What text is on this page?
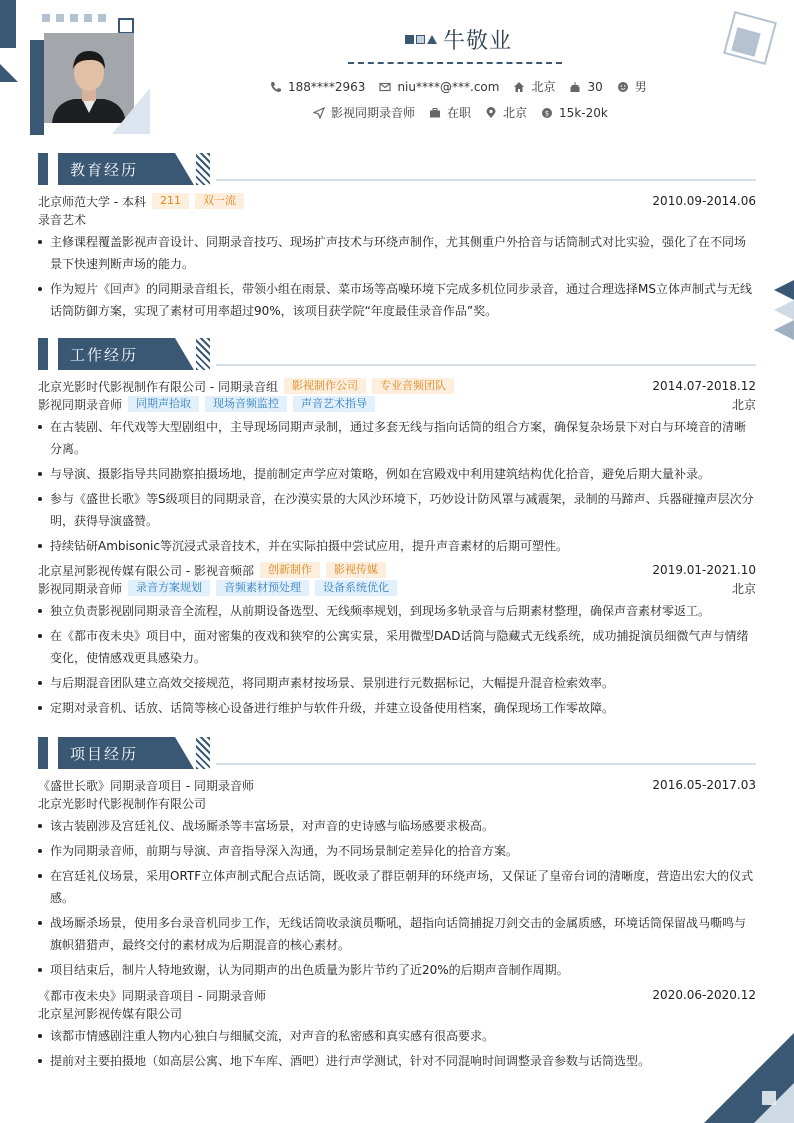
牛敬业
188****2963	niu****@***.com	北京	30	男
影视同期录音师	在职	北京	$ 15k-20k
教育经历
北京师范大学 - 本科	211	双一流	2010.09-2014.06
录音艺术
主修课程覆盖影视声音设计、同期录音技巧、现场扩声技术与环绕声制作，尤其侧重户外拾音与话筒制式对比实验，强化了在不同场景下快速判断声场的能力。
作为短片《回声》的同期录音组长，带领小组在雨景、菜市场等高噪环境下完成多机位同步录音，通过合理选择MS立体声制式与无线话筒防御方案，实现了素材可用率超过90%，该项目获学院“年度最佳录音作品”奖。
工作经历
北京光影时代影视制作有限公司 - 同期录音组	影视制作公司	专业音频团队	2014.07-2018.12
影视同期录音师	同期声拾取	现场音频监控	声音艺术指导	北京
在古装剧、年代戏等大型剧组中，主导现场同期声录制，通过多套无线与指向话筒的组合方案，确保复杂场景下对白与环境音的清晰分离。
与导演、摄影指导共同勘察拍摄场地，提前制定声学应对策略，例如在宫殿戏中利用建筑结构优化拾音，避免后期大量补录。
参与《盛世长歌》等S级项目的同期录音，在沙漠实景的大风沙环境下，巧妙设计防风罩与减震架，录制的马蹄声、兵器碰撞声层次分明，获得导演盛赞。
持续钻研Ambisonic等沉浸式录音技术，并在实际拍摄中尝试应用，提升声音素材的后期可塑性。
北京星河影视传媒有限公司 - 影视音频部	创新制作	影视传媒	2019.01-2021.10
影视同期录音师	录音方案规划	音频素材预处理	设备系统优化	北京
独立负责影视剧同期录音全流程，从前期设备选型、无线频率规划，到现场多轨录音与后期素材整理，确保声音素材零返工。
在《都市夜未央》项目中，面对密集的夜戏和狭窄的公寓实景，采用微型DAD话筒与隐藏式无线系统，成功捕捉演员细微气声与情绪变化，使情感戏更具感染力。
与后期混音团队建立高效交接规范，将同期声素材按场景、景别进行元数据标记，大幅提升混音检索效率。
定期对录音机、话放、话筒等核心设备进行维护与软件升级，并建立设备使用档案，确保现场工作零故障。
项目经历
《盛世长歌》同期录音项目 - 同期录音师	2016.05-2017.03
北京光影时代影视制作有限公司
该古装剧涉及宫廷礼仪、战场厮杀等丰富场景，对声音的史诗感与临场感要求极高。
作为同期录音师，前期与导演、声音指导深入沟通，为不同场景制定差异化的拾音方案。
在宫廷礼仪场景，采用ORTF立体声制式配合点话筒，既收录了群臣朝拜的环绕声场，又保证了皇帝台词的清晰度，营造出宏大的仪式感。
战场厮杀场景，使用多台录音机同步工作，无线话筒收录演员嘶吼，超指向话筒捕捉刀剑交击的金属质感，环境话筒保留战马嘶鸣与旗帜猎猎声，最终交付的素材成为后期混音的核心素材。
项目结束后，制片人特地致谢，认为同期声的出色质量为影片节约了近20%的后期声音制作周期。
《都市夜未央》同期录音项目 - 同期录音师	2020.06-2020.12
北京星河影视传媒有限公司
该都市情感剧注重人物内心独白与细腻交流，对声音的私密感和真实感有很高要求。
提前对主要拍摄地（如高层公寓、地下车库、酒吧）进行声学测试，针对不同混响时间调整录音参数与话筒选型。
